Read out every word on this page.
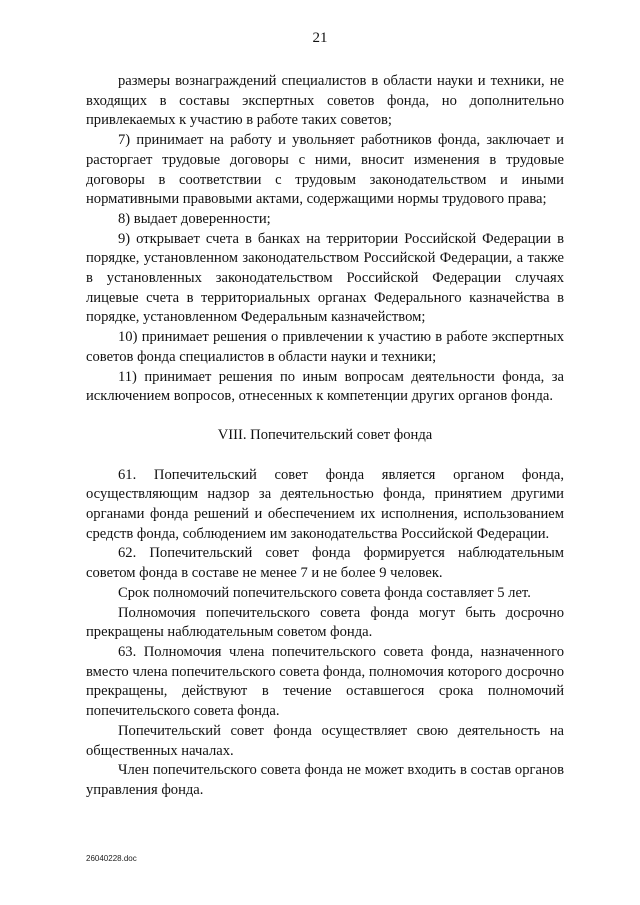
21

размеры вознаграждений специалистов в области науки и техники, не входящих в составы экспертных советов фонда, но дополнительно привлекаемых к участию в работе таких советов;

7) принимает на работу и увольняет работников фонда, заключает и расторгает трудовые договоры с ними, вносит изменения в трудовые договоры в соответствии с трудовым законодательством и иными нормативными правовыми актами, содержащими нормы трудового права;

8) выдает доверенности;

9) открывает счета в банках на территории Российской Федерации в порядке, установленном законодательством Российской Федерации, а также в установленных законодательством Российской Федерации случаях лицевые счета в территориальных органах Федерального казначейства в порядке, установленном Федеральным казначейством;

10) принимает решения о привлечении к участию в работе экспертных советов фонда специалистов в области науки и техники;

11) принимает решения по иным вопросам деятельности фонда, за исключением вопросов, отнесенных к компетенции других органов фонда.

VIII. Попечительский совет фонда

61. Попечительский совет фонда является органом фонда, осуществляющим надзор за деятельностью фонда, принятием другими органами фонда решений и обеспечением их исполнения, использованием средств фонда, соблюдением им законодательства Российской Федерации.

62. Попечительский совет фонда формируется наблюдательным советом фонда в составе не менее 7 и не более 9 человек.

Срок полномочий попечительского совета фонда составляет 5 лет.

Полномочия попечительского совета фонда могут быть досрочно прекращены наблюдательным советом фонда.

63. Полномочия члена попечительского совета фонда, назначенного вместо члена попечительского совета фонда, полномочия которого досрочно прекращены, действуют в течение оставшегося срока полномочий попечительского совета фонда.

Попечительский совет фонда осуществляет свою деятельность на общественных началах.

Член попечительского совета фонда не может входить в состав органов управления фонда.

26040228.doc
